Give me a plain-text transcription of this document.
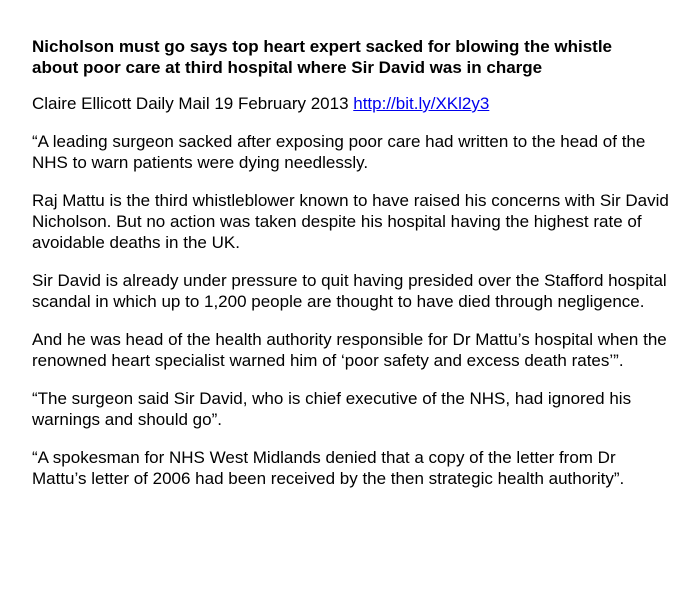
Nicholson must go says top heart expert sacked for blowing the whistle
about poor care at third hospital where Sir David was in charge
Claire Ellicott Daily Mail 19 February 2013 http://bit.ly/XKl2y3

“A leading surgeon sacked after exposing poor care had written to the head of the NHS to warn patients were dying needlessly.

Raj Mattu is the third whistleblower known to have raised his concerns with Sir David Nicholson. But no action was taken despite his hospital having the highest rate of avoidable deaths in the UK.

Sir David is already under pressure to quit having presided over the Stafford hospital scandal in which up to 1,200 people are thought to have died through negligence.

And he was head of the health authority responsible for Dr Mattu’s hospital when the renowned heart specialist warned him of ‘poor safety and excess death rates’”.

“The surgeon said Sir David, who is chief executive of the NHS, had ignored his warnings and should go”.

“A spokesman for NHS West Midlands denied that a copy of the letter from Dr Mattu’s letter of 2006 had been received by the then strategic health authority”.
